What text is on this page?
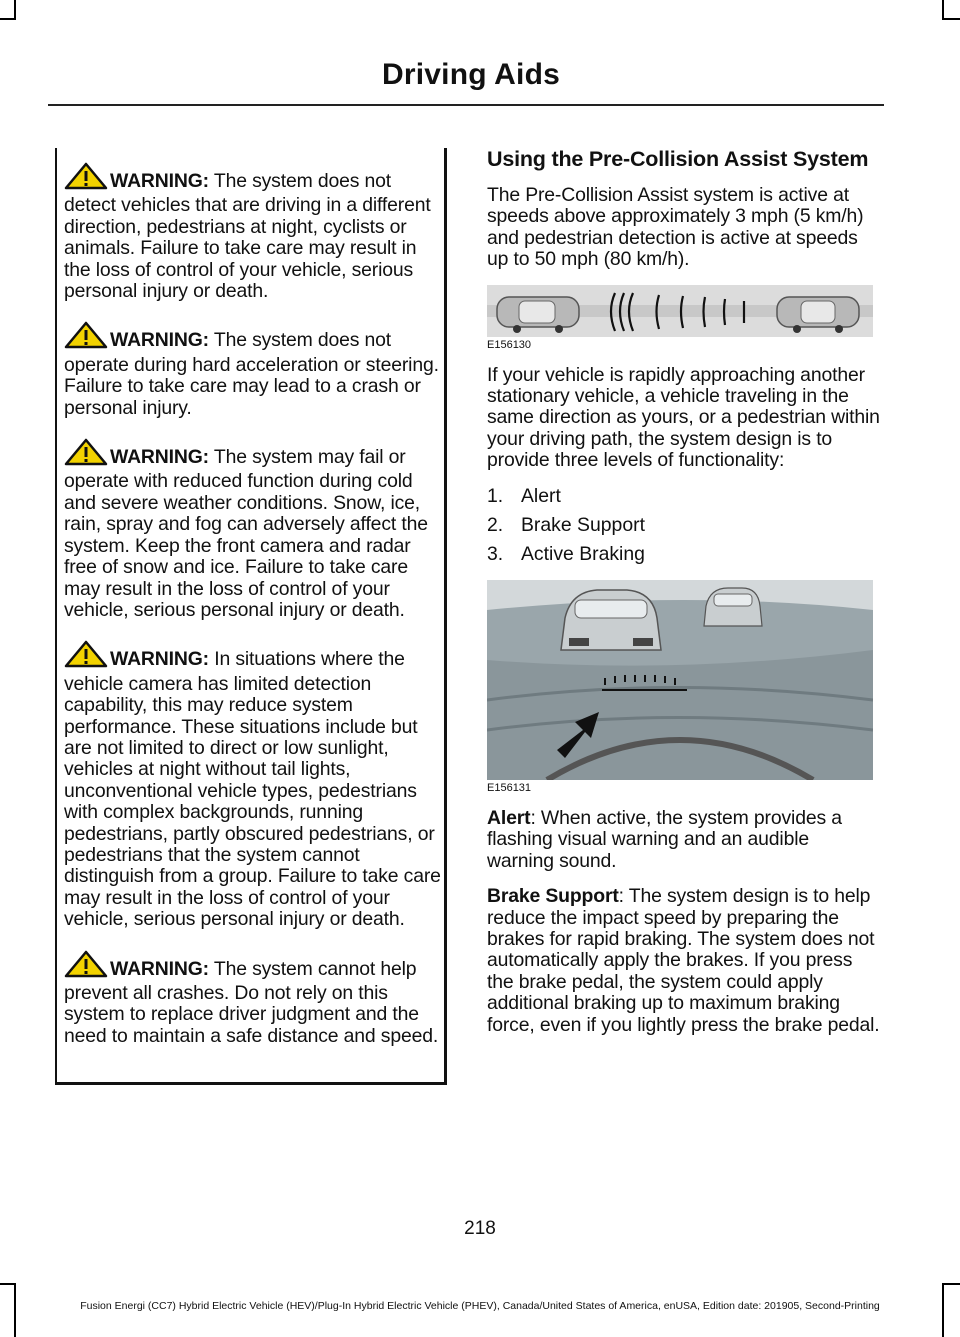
Driving Aids
WARNING: The system does not detect vehicles that are driving in a different direction, pedestrians at night, cyclists or animals. Failure to take care may result in the loss of control of your vehicle, serious personal injury or death.
WARNING: The system does not operate during hard acceleration or steering. Failure to take care may lead to a crash or personal injury.
WARNING: The system may fail or operate with reduced function during cold and severe weather conditions. Snow, ice, rain, spray and fog can adversely affect the system. Keep the front camera and radar free of snow and ice. Failure to take care may result in the loss of control of your vehicle, serious personal injury or death.
WARNING: In situations where the vehicle camera has limited detection capability, this may reduce system performance. These situations include but are not limited to direct or low sunlight, vehicles at night without tail lights, unconventional vehicle types, pedestrians with complex backgrounds, running pedestrians, partly obscured pedestrians, or pedestrians that the system cannot distinguish from a group. Failure to take care may result in the loss of control of your vehicle, serious personal injury or death.
WARNING: The system cannot help prevent all crashes. Do not rely on this system to replace driver judgment and the need to maintain a safe distance and speed.
Using the Pre-Collision Assist System
The Pre-Collision Assist system is active at speeds above approximately 3 mph (5 km/h) and pedestrian detection is active at speeds up to 50 mph (80 km/h).
E156130
If your vehicle is rapidly approaching another stationary vehicle, a vehicle traveling in the same direction as yours, or a pedestrian within your driving path, the system design is to provide three levels of functionality:
1. Alert
2. Brake Support
3. Active Braking
E156131
Alert: When active, the system provides a flashing visual warning and an audible warning sound.
Brake Support: The system design is to help reduce the impact speed by preparing the brakes for rapid braking. The system does not automatically apply the brakes. If you press the brake pedal, the system could apply additional braking up to maximum braking force, even if you lightly press the brake pedal.
218
Fusion Energi (CC7) Hybrid Electric Vehicle (HEV)/Plug-In Hybrid Electric Vehicle (PHEV), Canada/United States of America, enUSA, Edition date: 201905, Second-Printing
